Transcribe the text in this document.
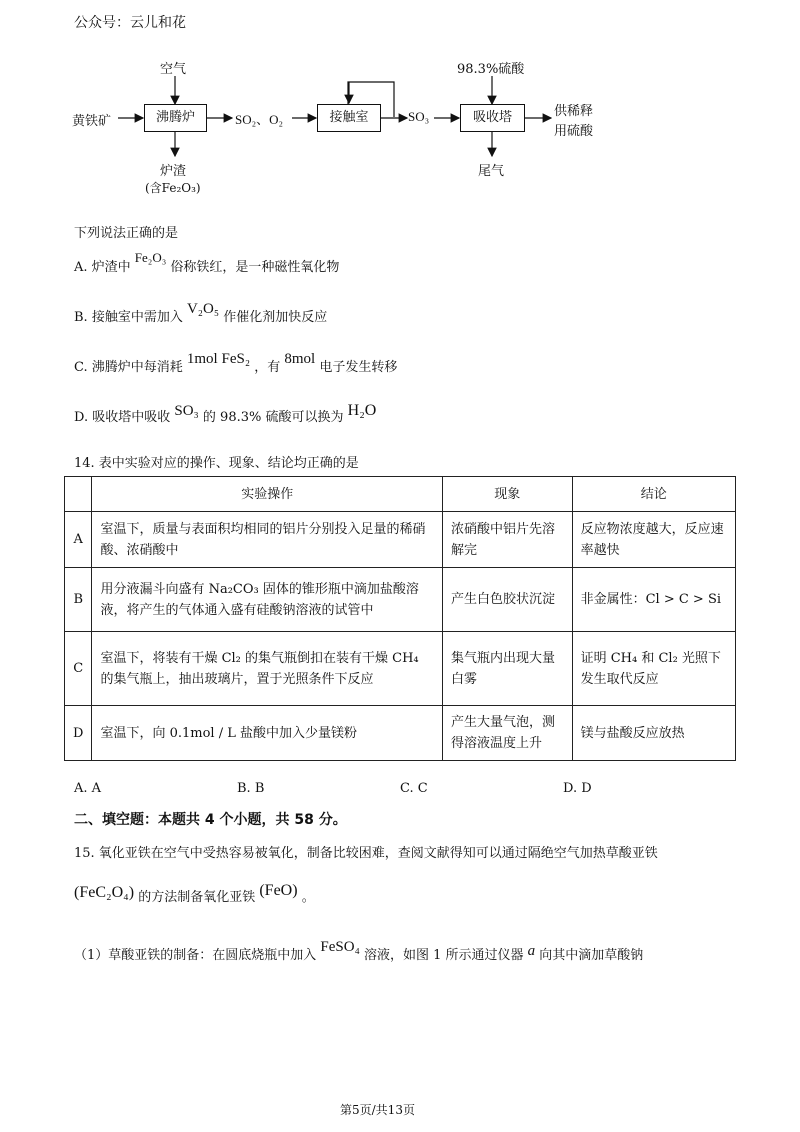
公众号：云儿和花
空气
黄铁矿	沸腾炉	SO₂、O₂	接触室	SO₃
98.3%硫酸
吸收塔	供稀释
用硫酸
炉渣
(含Fe₂O₃)
尾气
下列说法正确的是
A. 炉渣中 Fe₂O₃ 俗称铁红，是一种磁性氧化物
B. 接触室中需加入 V₂O₅ 作催化剂加快反应
C. 沸腾炉中每消耗 1mol FeS₂ ，有 8mol 电子发生转移
D. 吸收塔中吸收 SO₃ 的 98.3% 硫酸可以换为 H₂O
14. 表中实验对应的操作、现象、结论均正确的是
	实验操作	现象	结论
A	室温下，质量与表面积均相同的铝片分别投入足量的稀硝酸、浓硝酸中	浓硝酸中铝片先溶解完	反应物浓度越大，反应速率越快
B	用分液漏斗向盛有 Na₂CO₃ 固体的锥形瓶中滴加盐酸溶液，将产生的气体通入盛有硅酸钠溶液的试管中	产生白色胶状沉淀	非金属性：Cl > C > Si
C	室温下，将装有干燥 Cl₂ 的集气瓶倒扣在装有干燥 CH₄ 的集气瓶上，抽出玻璃片，置于光照条件下反应	集气瓶内出现大量白雾	证明 CH₄ 和 Cl₂ 光照下发生取代反应
D	室温下，向 0.1mol / L 盐酸中加入少量镁粉	产生大量气泡，测得溶液温度上升	镁与盐酸反应放热
A. A	B. B	C. C	D. D
二、填空题：本题共 4 个小题，共 58 分。
15. 氧化亚铁在空气中受热容易被氧化，制备比较困难，查阅文献得知可以通过隔绝空气加热草酸亚铁
(FeC₂O₄) 的方法制备氧化亚铁 (FeO) 。
（1）草酸亚铁的制备：在圆底烧瓶中加入 FeSO₄ 溶液，如图 1 所示通过仪器 a 向其中滴加草酸钠
第5页/共13页
